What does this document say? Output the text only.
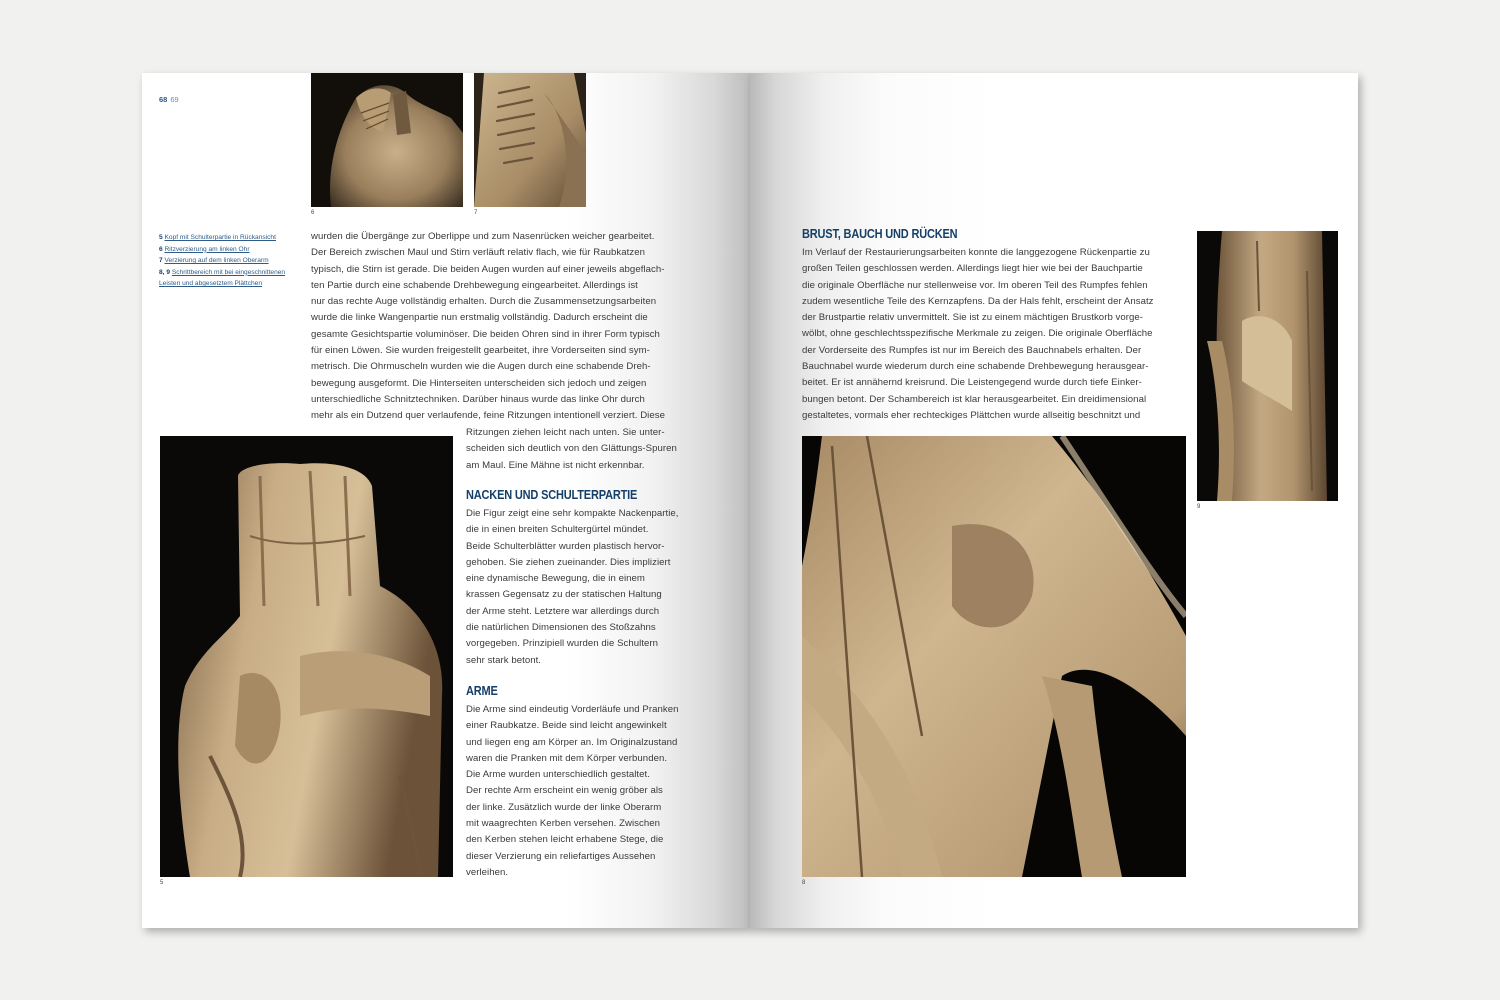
68 69
5 Kopf mit Schulterpartie in Rückansicht
6 Ritzverzierung am linken Ohr
7 Verzierung auf dem linken Oberarm
8, 9 Schrittbereich mit bei eingeschnittenen Leisten und abgesetztem Plättchen
6	7

wurden die Übergänge zur Oberlippe und zum Nasenrücken weicher gearbeitet.
Der Bereich zwischen Maul und Stirn verläuft relativ flach, wie für Raubkatzen
typisch, die Stirn ist gerade. Die beiden Augen wurden auf einer jeweils abgeflach-
ten Partie durch eine schabende Drehbewegung eingearbeitet. Allerdings ist
nur das rechte Auge vollständig erhalten. Durch die Zusammensetzungsarbeiten
wurde die linke Wangenpartie nun erstmalig vollständig. Dadurch erscheint die
gesamte Gesichtspartie voluminöser. Die beiden Ohren sind in ihrer Form typisch
für einen Löwen. Sie wurden freigestellt gearbeitet, ihre Vorderseiten sind sym-
metrisch. Die Ohrmuscheln wurden wie die Augen durch eine schabende Dreh-
bewegung ausgeformt. Die Hinterseiten unterscheiden sich jedoch und zeigen
unterschiedliche Schnitztechniken. Darüber hinaus wurde das linke Ohr durch
mehr als ein Dutzend quer verlaufende, feine Ritzungen intentionell verziert. Diese

5

Ritzungen ziehen leicht nach unten. Sie unter-
scheiden sich deutlich von den Glättungs-Spuren
am Maul. Eine Mähne ist nicht erkennbar.

NACKEN UND SCHULTERPARTIE

Die Figur zeigt eine sehr kompakte Nackenpartie,
die in einen breiten Schultergürtel mündet.
Beide Schulterblätter wurden plastisch hervor-
gehoben. Sie ziehen zueinander. Dies impliziert
eine dynamische Bewegung, die in einem
krassen Gegensatz zu der statischen Haltung
der Arme steht. Letztere war allerdings durch
die natürlichen Dimensionen des Stoßzahns
vorgegeben. Prinzipiell wurden die Schultern
sehr stark betont.

ARME

Die Arme sind eindeutig Vorderläufe und Pranken
einer Raubkatze. Beide sind leicht angewinkelt
und liegen eng am Körper an. Im Originalzustand
waren die Pranken mit dem Körper verbunden.
Die Arme wurden unterschiedlich gestaltet.
Der rechte Arm erscheint ein wenig gröber als
der linke. Zusätzlich wurde der linke Oberarm
mit waagrechten Kerben versehen. Zwischen
den Kerben stehen leicht erhabene Stege, die
dieser Verzierung ein reliefartiges Aussehen
verleihen.

BRUST, BAUCH UND RÜCKEN

Im Verlauf der Restaurierungsarbeiten konnte die langgezogene Rückenpartie zu
großen Teilen geschlossen werden. Allerdings liegt hier wie bei der Bauchpartie
die originale Oberfläche nur stellenweise vor. Im oberen Teil des Rumpfes fehlen
zudem wesentliche Teile des Kernzapfens. Da der Hals fehlt, erscheint der Ansatz
der Brustpartie relativ unvermittelt. Sie ist zu einem mächtigen Brustkorb vorge-
wölbt, ohne geschlechtsspezifische Merkmale zu zeigen. Die originale Oberfläche
der Vorderseite des Rumpfes ist nur im Bereich des Bauchnabels erhalten. Der
Bauchnabel wurde wiederum durch eine schabende Drehbewegung herausgear-
beitet. Er ist annähernd kreisrund. Die Leistengegend wurde durch tiefe Einker-
bungen betont. Der Schambereich ist klar herausgearbeitet. Ein dreidimensional
gestaltetes, vormals eher rechteckiges Plättchen wurde allseitig beschnitzt und

8
9
